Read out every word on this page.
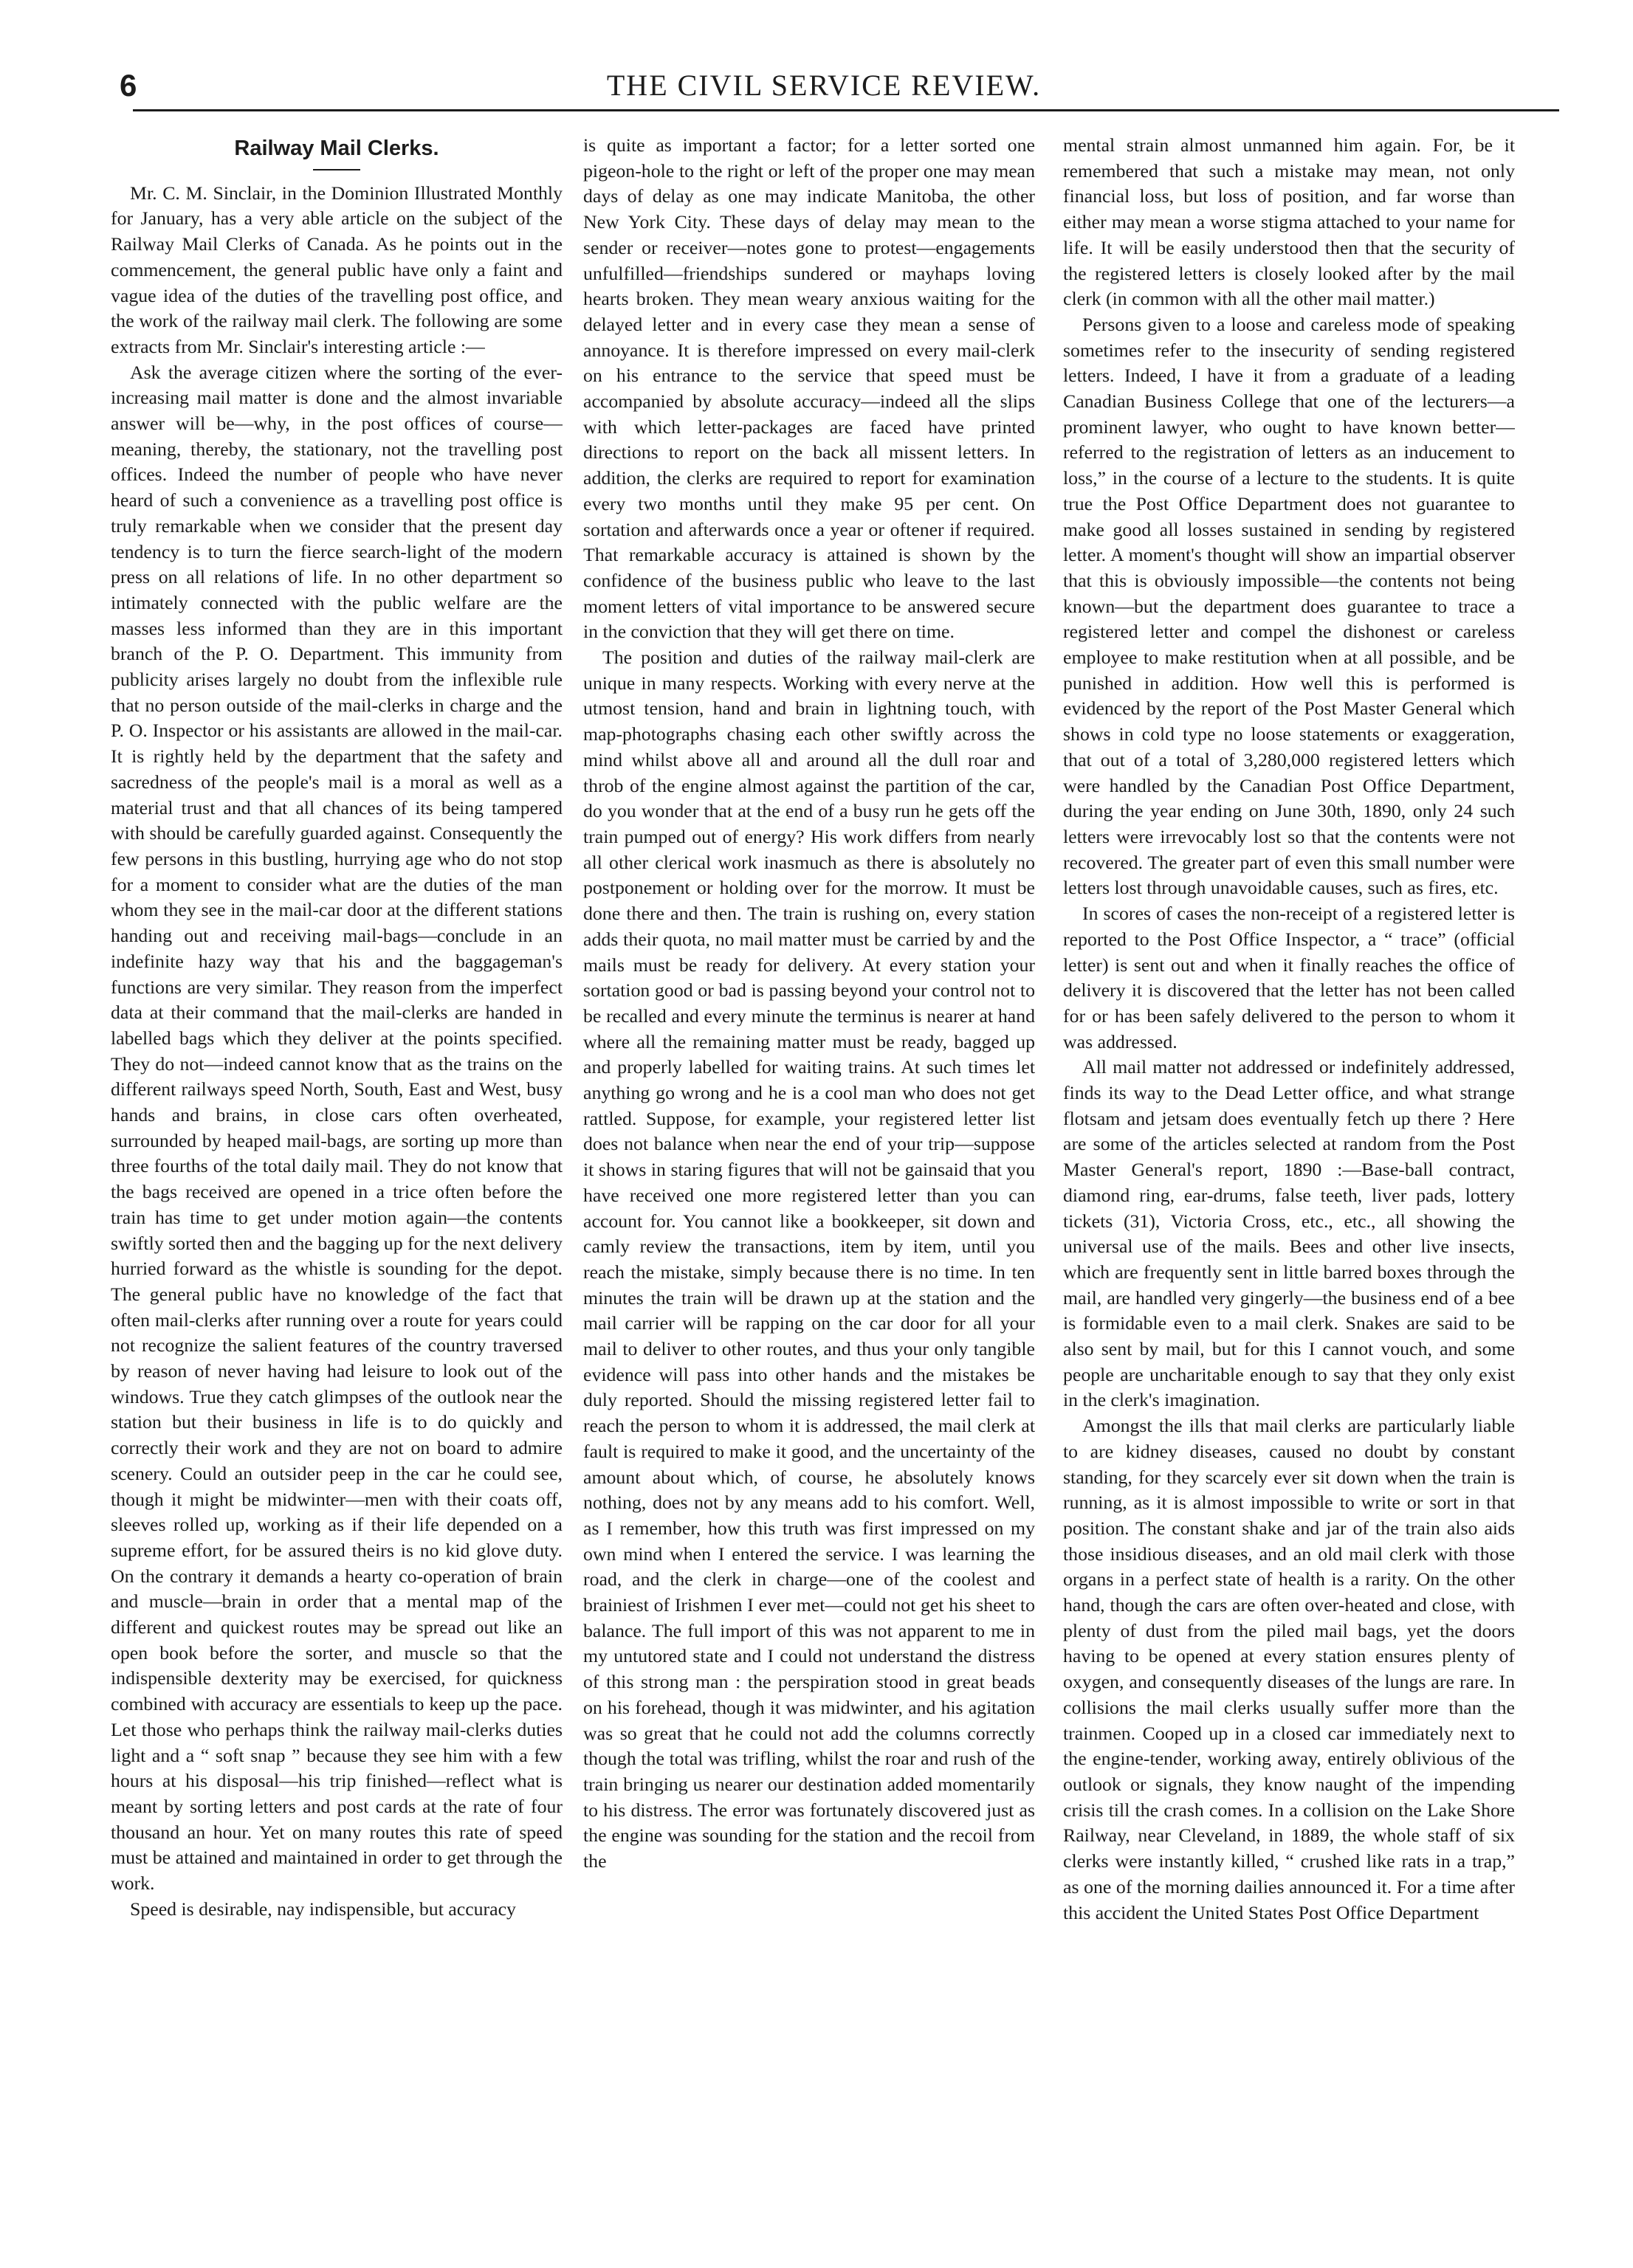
6	THE CIVIL SERVICE REVIEW.
Railway Mail Clerks.

Mr. C. M. Sinclair, in the Dominion Illustrated Monthly for January, has a very able article on the subject of the Railway Mail Clerks of Canada. As he points out in the commencement, the general public have only a faint and vague idea of the duties of the travelling post office, and the work of the railway mail clerk. The following are some extracts from Mr. Sinclair's interesting article :—

Ask the average citizen where the sorting of the ever-increasing mail matter is done and the almost invariable answer will be—why, in the post offices of course—meaning, thereby, the stationary, not the travelling post offices. Indeed the number of people who have never heard of such a convenience as a travelling post office is truly remarkable when we consider that the present day tendency is to turn the fierce search-light of the modern press on all relations of life. In no other department so intimately connected with the public welfare are the masses less informed than they are in this important branch of the P. O. Department. This immunity from publicity arises largely no doubt from the inflexible rule that no person outside of the mail-clerks in charge and the P. O. Inspector or his assistants are allowed in the mail-car. It is rightly held by the department that the safety and sacredness of the people's mail is a moral as well as a material trust and that all chances of its being tampered with should be carefully guarded against. Consequently the few persons in this bustling, hurrying age who do not stop for a moment to consider what are the duties of the man whom they see in the mail-car door at the different stations handing out and receiving mail-bags—conclude in an indefinite hazy way that his and the baggageman's functions are very similar. They reason from the imperfect data at their command that the mail-clerks are handed in labelled bags which they deliver at the points specified. They do not—indeed cannot know that as the trains on the different railways speed North, South, East and West, busy hands and brains, in close cars often overheated, surrounded by heaped mail-bags, are sorting up more than three fourths of the total daily mail. They do not know that the bags received are opened in a trice often before the train has time to get under motion again—the contents swiftly sorted then and the bagging up for the next delivery hurried forward as the whistle is sounding for the depot. The general public have no knowledge of the fact that often mail-clerks after running over a route for years could not recognize the salient features of the country traversed by reason of never having had leisure to look out of the windows. True they catch glimpses of the outlook near the station but their business in life is to do quickly and correctly their work and they are not on board to admire scenery. Could an outsider peep in the car he could see, though it might be midwinter—men with their coats off, sleeves rolled up, working as if their life depended on a supreme effort, for be assured theirs is no kid glove duty. On the contrary it demands a hearty co-operation of brain and muscle—brain in order that a mental map of the different and quickest routes may be spread out like an open book before the sorter, and muscle so that the indispensible dexterity may be exercised, for quickness combined with accuracy are essentials to keep up the pace. Let those who perhaps think the railway mail-clerks duties light and a “ soft snap ” because they see him with a few hours at his disposal—his trip finished—reflect what is meant by sorting letters and post cards at the rate of four thousand an hour. Yet on many routes this rate of speed must be attained and maintained in order to get through the work.

Speed is desirable, nay indispensible, but accuracy

is quite as important a factor; for a letter sorted one pigeon-hole to the right or left of the proper one may mean days of delay as one may indicate Manitoba, the other New York City. These days of delay may mean to the sender or receiver—notes gone to protest—engagements unfulfilled—friendships sundered or mayhaps loving hearts broken. They mean weary anxious waiting for the delayed letter and in every case they mean a sense of annoyance. It is therefore impressed on every mail-clerk on his entrance to the service that speed must be accompanied by absolute accuracy—indeed all the slips with which letter-packages are faced have printed directions to report on the back all missent letters. In addition, the clerks are required to report for examination every two months until they make 95 per cent. On sortation and afterwards once a year or oftener if required. That remarkable accuracy is attained is shown by the confidence of the business public who leave to the last moment letters of vital importance to be answered secure in the conviction that they will get there on time.

The position and duties of the railway mail-clerk are unique in many respects. Working with every nerve at the utmost tension, hand and brain in lightning touch, with map-photographs chasing each other swiftly across the mind whilst above all and around all the dull roar and throb of the engine almost against the partition of the car, do you wonder that at the end of a busy run he gets off the train pumped out of energy? His work differs from nearly all other clerical work inasmuch as there is absolutely no postponement or holding over for the morrow. It must be done there and then. The train is rushing on, every station adds their quota, no mail matter must be carried by and the mails must be ready for delivery. At every station your sortation good or bad is passing beyond your control not to be recalled and every minute the terminus is nearer at hand where all the remaining matter must be ready, bagged up and properly labelled for waiting trains. At such times let anything go wrong and he is a cool man who does not get rattled. Suppose, for example, your registered letter list does not balance when near the end of your trip—suppose it shows in staring figures that will not be gainsaid that you have received one more registered letter than you can account for. You cannot like a bookkeeper, sit down and camly review the transactions, item by item, until you reach the mistake, simply because there is no time. In ten minutes the train will be drawn up at the station and the mail carrier will be rapping on the car door for all your mail to deliver to other routes, and thus your only tangible evidence will pass into other hands and the mistakes be duly reported. Should the missing registered letter fail to reach the person to whom it is addressed, the mail clerk at fault is required to make it good, and the uncertainty of the amount about which, of course, he absolutely knows nothing, does not by any means add to his comfort. Well, as I remember, how this truth was first impressed on my own mind when I entered the service. I was learning the road, and the clerk in charge—one of the coolest and brainiest of Irishmen I ever met—could not get his sheet to balance. The full import of this was not apparent to me in my untutored state and I could not understand the distress of this strong man : the perspiration stood in great beads on his forehead, though it was midwinter, and his agitation was so great that he could not add the columns correctly though the total was trifling, whilst the roar and rush of the train bringing us nearer our destination added momentarily to his distress. The error was fortunately discovered just as the engine was sounding for the station and the recoil from the

mental strain almost unmanned him again. For, be it remembered that such a mistake may mean, not only financial loss, but loss of position, and far worse than either may mean a worse stigma attached to your name for life. It will be easily understood then that the security of the registered letters is closely looked after by the mail clerk (in common with all the other mail matter.)

Persons given to a loose and careless mode of speaking sometimes refer to the insecurity of sending registered letters. Indeed, I have it from a graduate of a leading Canadian Business College that one of the lecturers—a prominent lawyer, who ought to have known better—referred to the registration of letters as an inducement to loss,” in the course of a lecture to the students. It is quite true the Post Office Department does not guarantee to make good all losses sustained in sending by registered letter. A moment's thought will show an impartial observer that this is obviously impossible—the contents not being known—but the department does guarantee to trace a registered letter and compel the dishonest or careless employee to make restitution when at all possible, and be punished in addition. How well this is performed is evidenced by the report of the Post Master General which shows in cold type no loose statements or exaggeration, that out of a total of 3,280,000 registered letters which were handled by the Canadian Post Office Department, during the year ending on June 30th, 1890, only 24 such letters were irrevocably lost so that the contents were not recovered. The greater part of even this small number were letters lost through unavoidable causes, such as fires, etc.

In scores of cases the non-receipt of a registered letter is reported to the Post Office Inspector, a “ trace” (official letter) is sent out and when it finally reaches the office of delivery it is discovered that the letter has not been called for or has been safely delivered to the person to whom it was addressed.

All mail matter not addressed or indefinitely addressed, finds its way to the Dead Letter office, and what strange flotsam and jetsam does eventually fetch up there ? Here are some of the articles selected at random from the Post Master General's report, 1890 :—Base-ball contract, diamond ring, ear-drums, false teeth, liver pads, lottery tickets (31), Victoria Cross, etc., etc., all showing the universal use of the mails. Bees and other live insects, which are frequently sent in little barred boxes through the mail, are handled very gingerly—the business end of a bee is formidable even to a mail clerk. Snakes are said to be also sent by mail, but for this I cannot vouch, and some people are uncharitable enough to say that they only exist in the clerk's imagination.

Amongst the ills that mail clerks are particularly liable to are kidney diseases, caused no doubt by constant standing, for they scarcely ever sit down when the train is running, as it is almost impossible to write or sort in that position. The constant shake and jar of the train also aids those insidious diseases, and an old mail clerk with those organs in a perfect state of health is a rarity. On the other hand, though the cars are often over-heated and close, with plenty of dust from the piled mail bags, yet the doors having to be opened at every station ensures plenty of oxygen, and consequently diseases of the lungs are rare. In collisions the mail clerks usually suffer more than the trainmen. Cooped up in a closed car immediately next to the engine-tender, working away, entirely oblivious of the outlook or signals, they know naught of the impending crisis till the crash comes. In a collision on the Lake Shore Railway, near Cleveland, in 1889, the whole staff of six clerks were instantly killed, “ crushed like rats in a trap,” as one of the morning dailies announced it. For a time after this accident the United States Post Office Department
